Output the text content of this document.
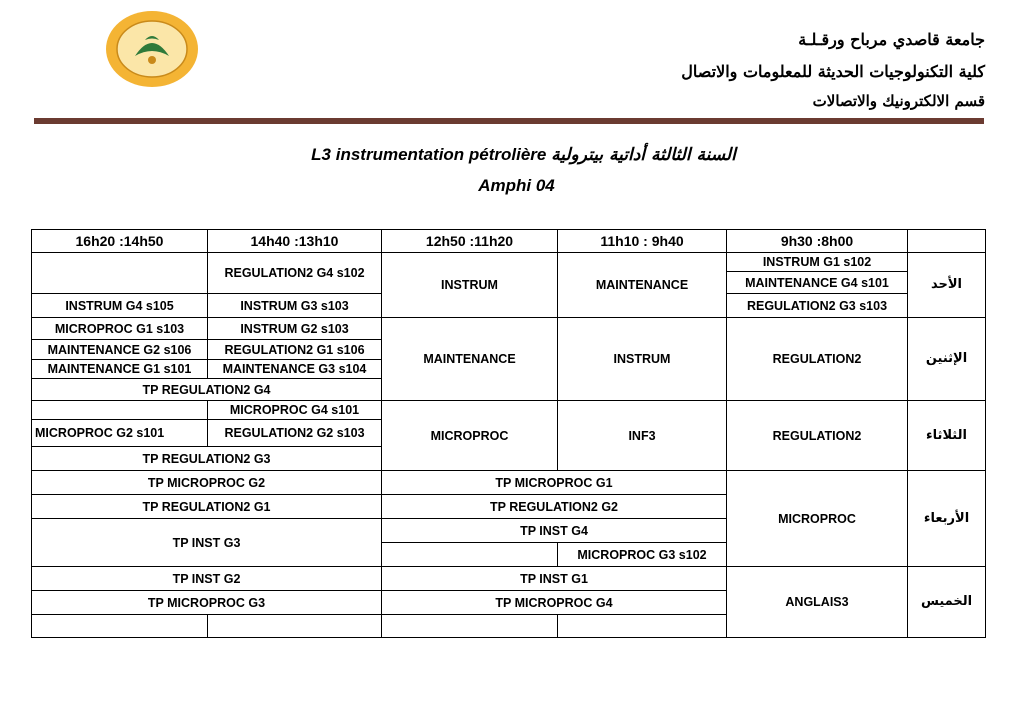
جامعة قاصدي مرباح ورقـلـة
كلية التكنولوجيات الحديثة للمعلومات والاتصال
قسم الالكترونيك والاتصالات
L3 instrumentation pétrolière السنة الثالثة أداتية بيترولية
Amphi 04
16h20 :14h50	14h40 :13h10	12h50 :11h20	11h10 : 9h40	9h30 :8h00	
	REGULATION2 G4 s102	INSTRUM	MAINTENANCE	INSTRUM G1 s102	الأحد
				MAINTENANCE G4 s101	
INSTRUM G4 s105	INSTRUM G3 s103			REGULATION2 G3 s103	
MICROPROC G1 s103	INSTRUM G2 s103	MAINTENANCE	INSTRUM	REGULATION2	الإثنين
MAINTENANCE G2 s106	REGULATION2 G1 s106				
MAINTENANCE G1 s101	MAINTENANCE G3 s104				
TP REGULATION2 G4					
	MICROPROC G4 s101	MICROPROC	INF3	REGULATION2	الثلاثاء
MICROPROC G2 s101	REGULATION2 G2 s103				
TP REGULATION2 G3					
TP MICROPROC G2		TP MICROPROC G1		MICROPROC	الأربعاء
TP REGULATION2 G1		TP REGULATION2 G2			
TP INST G3		TP INST G4			
			MICROPROC G3 s102		
TP INST G2		TP INST G1		ANGLAIS3	الخميس
TP MICROPROC G3		TP MICROPROC G4			
